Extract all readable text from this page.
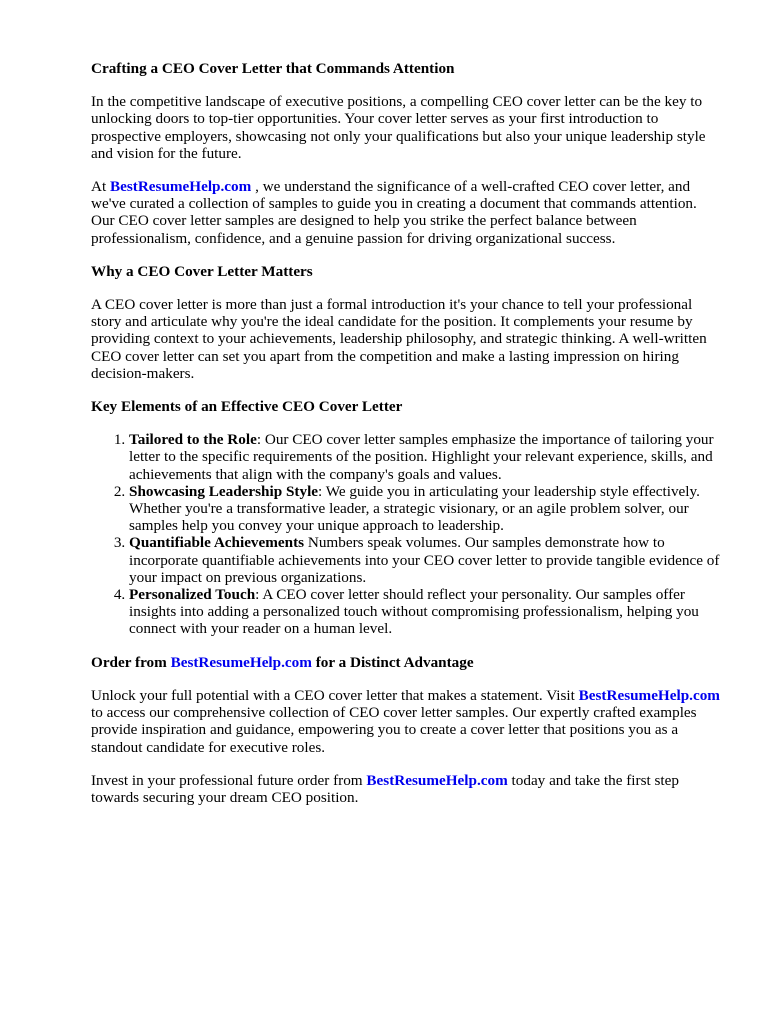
Crafting a CEO Cover Letter that Commands Attention

In the competitive landscape of executive positions, a compelling CEO cover letter can be the key to unlocking doors to top-tier opportunities. Your cover letter serves as your first introduction to prospective employers, showcasing not only your qualifications but also your unique leadership style and vision for the future.

At BestResumeHelp.com , we understand the significance of a well-crafted CEO cover letter, and we've curated a collection of samples to guide you in creating a document that commands attention. Our CEO cover letter samples are designed to help you strike the perfect balance between professionalism, confidence, and a genuine passion for driving organizational success.

Why a CEO Cover Letter Matters

A CEO cover letter is more than just a formal introduction it's your chance to tell your professional story and articulate why you're the ideal candidate for the position. It complements your resume by providing context to your achievements, leadership philosophy, and strategic thinking. A well-written CEO cover letter can set you apart from the competition and make a lasting impression on hiring decision-makers.

Key Elements of an Effective CEO Cover Letter
1. Tailored to the Role: Our CEO cover letter samples emphasize the importance of tailoring your letter to the specific requirements of the position. Highlight your relevant experience, skills, and achievements that align with the company's goals and values.
2. Showcasing Leadership Style: We guide you in articulating your leadership style effectively. Whether you're a transformative leader, a strategic visionary, or an agile problem solver, our samples help you convey your unique approach to leadership.
3. Quantifiable Achievements Numbers speak volumes. Our samples demonstrate how to incorporate quantifiable achievements into your CEO cover letter to provide tangible evidence of your impact on previous organizations.
4. Personalized Touch: A CEO cover letter should reflect your personality. Our samples offer insights into adding a personalized touch without compromising professionalism, helping you connect with your reader on a human level.
Order from BestResumeHelp.com for a Distinct Advantage

Unlock your full potential with a CEO cover letter that makes a statement. Visit BestResumeHelp.com to access our comprehensive collection of CEO cover letter samples. Our expertly crafted examples provide inspiration and guidance, empowering you to create a cover letter that positions you as a standout candidate for executive roles.

Invest in your professional future order from BestResumeHelp.com today and take the first step towards securing your dream CEO position.
